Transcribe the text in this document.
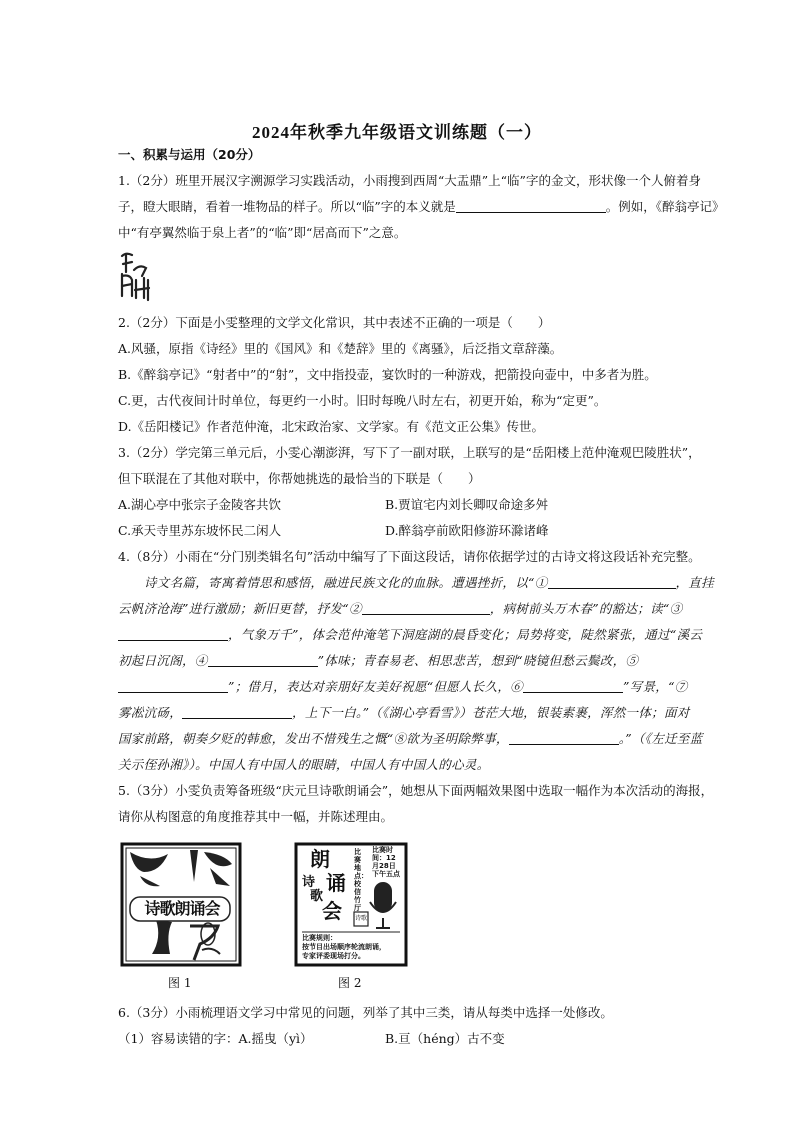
2024年秋季九年级语文训练题（一）
一、积累与运用（20分）
1.（2分）班里开展汉字溯源学习实践活动，小雨搜到西周“大盂鼎”上“临”字的金文，形状像一个人俯着身
子，瞪大眼睛，看着一堆物品的样子。所以“临”字的本义就是	。例如，《醉翁亭记》
中“有亭翼然临于泉上者”的“临”即“居高而下”之意。
2.（2分）下面是小雯整理的文学文化常识，其中表述不正确的一项是（　　）
A.风骚，原指《诗经》里的《国风》和《楚辞》里的《离骚》，后泛指文章辞藻。
B.《醉翁亭记》“射者中”的“射”，文中指投壶，宴饮时的一种游戏，把箭投向壶中，中多者为胜。
C.更，古代夜间计时单位，每更约一小时。旧时每晚八时左右，初更开始，称为“定更”。
D.《岳阳楼记》作者范仲淹，北宋政治家、文学家。有《范文正公集》传世。
3.（2分）学完第三单元后，小雯心潮澎湃，写下了一副对联，上联写的是“岳阳楼上范仲淹观巴陵胜状”，
但下联混在了其他对联中，你帮她挑选的最恰当的下联是（　　）
A.湖心亭中张宗子金陵客共饮	B.贾谊宅内刘长卿叹命途多舛
C.承天寺里苏东坡怀民二闲人	D.醉翁亭前欧阳修游环滁诸峰
4.（8分）小雨在“分门别类辑名句”活动中编写了下面这段话，请你依据学过的古诗文将这段话补充完整。
诗文名篇，寄寓着情思和感悟，融进民族文化的血脉。遭遇挫折，以“①	，直挂
云帆济沧海”进行激励；新旧更替，抒发“②	，病树前头万木春”的豁达；读“③
，气象万千”，体会范仲淹笔下洞庭湖的晨昏变化；局势将变，陡然紧张，通过“溪云
初起日沉阁，④	”体味；青春易老、相思悲苦，想到“晓镜但愁云鬓改，⑤
”；借月，表达对亲朋好友美好祝愿“但愿人长久，⑥	”写景，“⑦
雾凇沆砀，	，上下一白。”（《湖心亭看雪》）苍茫大地，银装素裹，浑然一体；面对
国家前路，朝奏夕贬的韩愈，发出不惜残生之慨“⑧欲为圣明除弊事，	。”（《左迁至蓝
关示侄孙湘》）。中国人有中国人的眼睛，中国人有中国人的心灵。
5.（3分）小雯负责筹备班级“庆元旦诗歌朗诵会”，她想从下面两幅效果图中选取一幅作为本次活动的海报，
请你从构图意的角度推荐其中一幅，并陈述理由。
诗歌朗诵会
朗
诗
歌
诵
会
比赛地点：校信竹厅
比赛时间：12月28日下午五点
诗歌
比赛规则：
按节目出场顺序轮流朗诵，
专家评委现场打分。
图 1	图 2
6.（3分）小雨梳理语文学习中常见的问题，列举了其中三类，请从每类中选择一处修改。
（1）容易读错的字：A.摇曳（yì）	B.亘（héng）古不变
